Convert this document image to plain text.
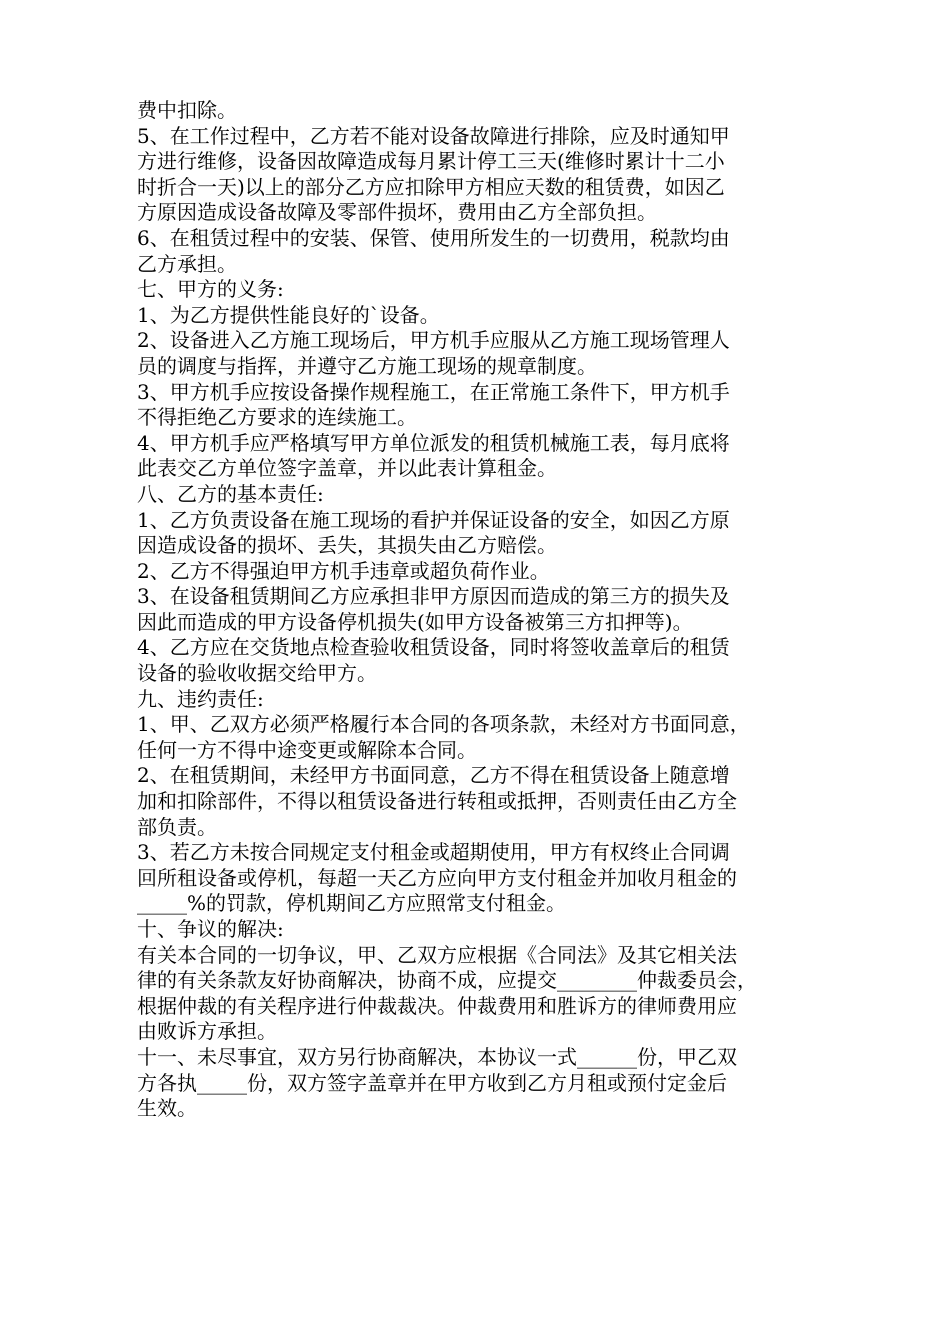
费中扣除。
5、在工作过程中，乙方若不能对设备故障进行排除，应及时通知甲
方进行维修，设备因故障造成每月累计停工三天(维修时累计十二小
时折合一天)以上的部分乙方应扣除甲方相应天数的租赁费，如因乙
方原因造成设备故障及零部件损坏，费用由乙方全部负担。
6、在租赁过程中的安装、保管、使用所发生的一切费用，税款均由
乙方承担。
七、甲方的义务:
1、为乙方提供性能良好的`设备。
2、设备进入乙方施工现场后，甲方机手应服从乙方施工现场管理人
员的调度与指挥，并遵守乙方施工现场的规章制度。
3、甲方机手应按设备操作规程施工，在正常施工条件下，甲方机手
不得拒绝乙方要求的连续施工。
4、甲方机手应严格填写甲方单位派发的租赁机械施工表，每月底将
此表交乙方单位签字盖章，并以此表计算租金。
八、乙方的基本责任:
1、乙方负责设备在施工现场的看护并保证设备的安全，如因乙方原
因造成设备的损坏、丢失，其损失由乙方赔偿。
2、乙方不得强迫甲方机手违章或超负荷作业。
3、在设备租赁期间乙方应承担非甲方原因而造成的第三方的损失及
因此而造成的甲方设备停机损失(如甲方设备被第三方扣押等)。
4、乙方应在交货地点检查验收租赁设备，同时将签收盖章后的租赁
设备的验收收据交给甲方。
九、违约责任:
1、甲、乙双方必须严格履行本合同的各项条款，未经对方书面同意，
任何一方不得中途变更或解除本合同。
2、在租赁期间，未经甲方书面同意，乙方不得在租赁设备上随意增
加和扣除部件，不得以租赁设备进行转租或抵押，否则责任由乙方全
部负责。
3、若乙方未按合同规定支付租金或超期使用，甲方有权终止合同调
回所租设备或停机，每超一天乙方应向甲方支付租金并加收月租金的
_____%的罚款，停机期间乙方应照常支付租金。
十、争议的解决:
有关本合同的一切争议，甲、乙双方应根据《合同法》及其它相关法
律的有关条款友好协商解决，协商不成，应提交________仲裁委员会，
根据仲裁的有关程序进行仲裁裁决。仲裁费用和胜诉方的律师费用应
由败诉方承担。
十一、未尽事宜，双方另行协商解决，本协议一式______份，甲乙双
方各执_____份，双方签字盖章并在甲方收到乙方月租或预付定金后
生效。
